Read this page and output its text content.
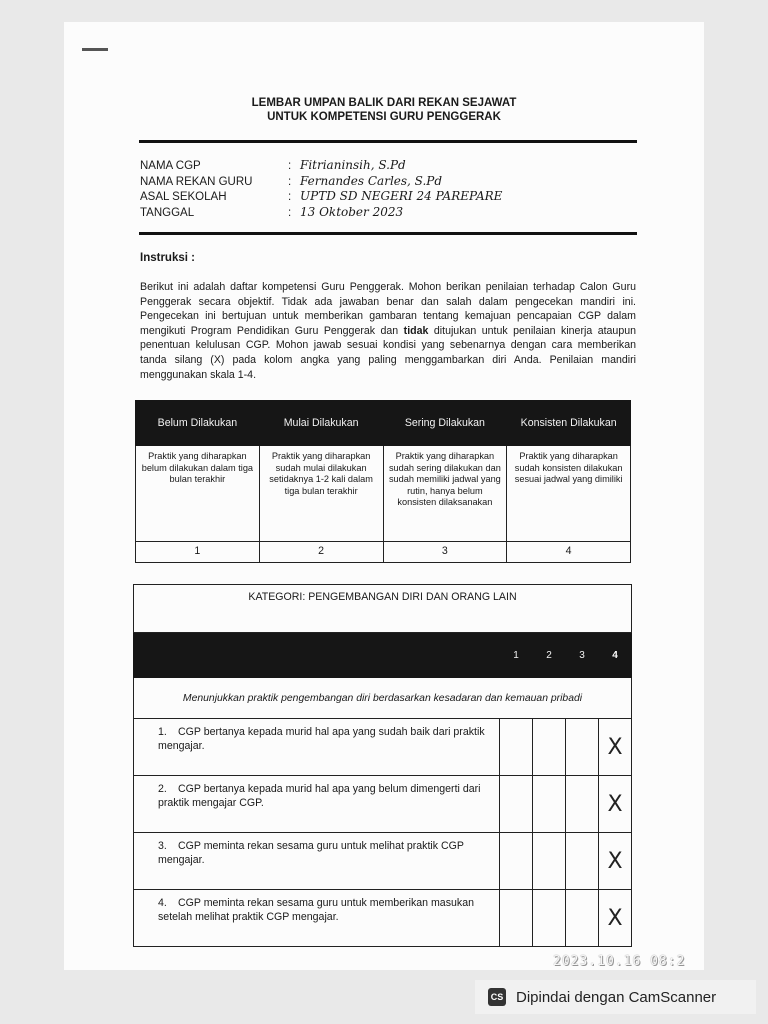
LEMBAR UMPAN BALIK DARI REKAN SEJAWAT
UNTUK KOMPETENSI GURU PENGGERAK
NAMA CGP	: Fitrianinsih, S.Pd
NAMA REKAN GURU	: Fernandes Carles, S.Pd
ASAL SEKOLAH	: UPTD SD NEGERI 24 PAREPARE
TANGGAL	: 13 Oktober 2023
Instruksi :
Berikut ini adalah daftar kompetensi Guru Penggerak. Mohon berikan penilaian terhadap Calon Guru Penggerak secara objektif. Tidak ada jawaban benar dan salah dalam pengecekan mandiri ini. Pengecekan ini bertujuan untuk memberikan gambaran tentang kemajuan pencapaian CGP dalam mengikuti Program Pendidikan Guru Penggerak dan tidak ditujukan untuk penilaian kinerja ataupun penentuan kelulusan CGP. Mohon jawab sesuai kondisi yang sebenarnya dengan cara memberikan tanda silang (X) pada kolom angka yang paling menggambarkan diri Anda. Penilaian mandiri menggunakan skala 1-4.
Belum Dilakukan	Mulai Dilakukan	Sering Dilakukan	Konsisten Dilakukan
Praktik yang diharapkan belum dilakukan dalam tiga bulan terakhir	Praktik yang diharapkan sudah mulai dilakukan setidaknya 1-2 kali dalam tiga bulan terakhir	Praktik yang diharapkan sudah sering dilakukan dan sudah memiliki jadwal yang rutin, hanya belum konsisten dilaksanakan	Praktik yang diharapkan sudah konsisten dilakukan sesuai jadwal yang dimiliki
1	2	3	4
KATEGORI: PENGEMBANGAN DIRI DAN ORANG LAIN				
	1	2	3	4
Menunjukkan praktik pengembangan diri berdasarkan kesadaran dan kemauan pribadi				
1. CGP bertanya kepada murid hal apa yang sudah baik dari praktik mengajar.				X
2. CGP bertanya kepada murid hal apa yang belum dimengerti dari praktik mengajar CGP.				X
3. CGP meminta rekan sesama guru untuk melihat praktik CGP mengajar.				X
4. CGP meminta rekan sesama guru untuk memberikan masukan setelah melihat praktik CGP mengajar.				X
2023.10.16 08:2
CS Dipindai dengan CamScanner
